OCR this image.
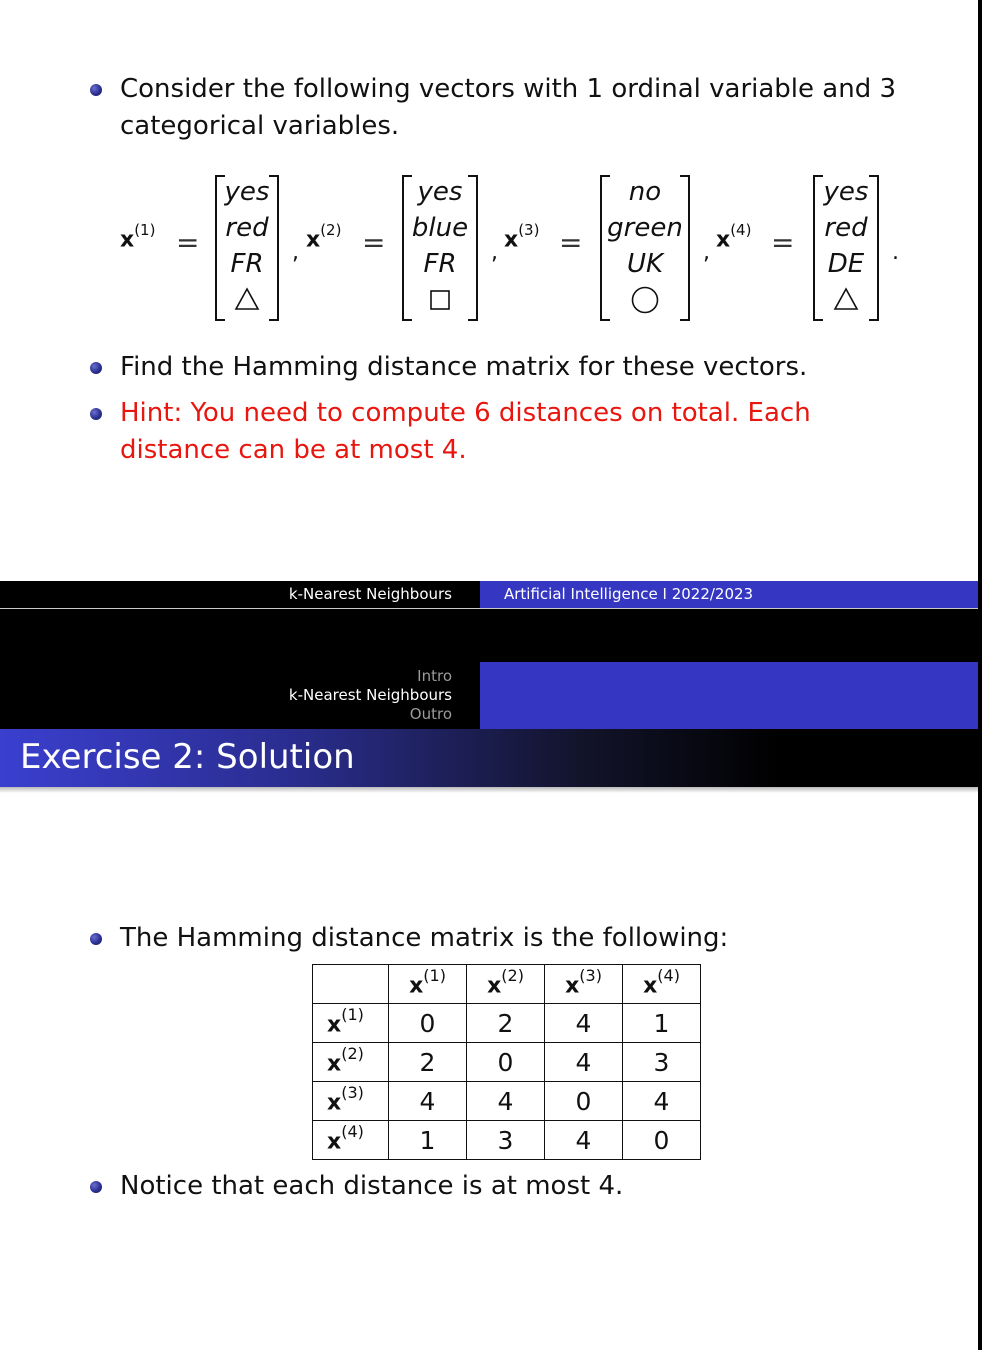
Consider the following vectors with 1 ordinal variable and 3
categorical variables.
$x^{(1)}$ =
yes
red
FR	,
$x^{(2)}$ =
yes
blue
FR	,
$x^{(3)}$ =
no
green
UK	,
$x^{(4)}$ =
yes
red
DE	.
Find the Hamming distance matrix for these vectors.
Hint: You need to compute 6 distances on total. Each
distance can be at most 4.
k-Nearest Neighbours	Artificial Intelligence I 2022/2023
Intro
k-Nearest Neighbours
Outro
Exercise 2: Solution
The Hamming distance matrix is the following:
	$x^{(1)}$	$x^{(2)}$	$x^{(3)}$	$x^{(4)}$
$x^{(1)}$	0	2	4	1
$x^{(2)}$	2	0	4	3
$x^{(3)}$	4	4	0	4
$x^{(4)}$	1	3	4	0
Notice that each distance is at most 4.
